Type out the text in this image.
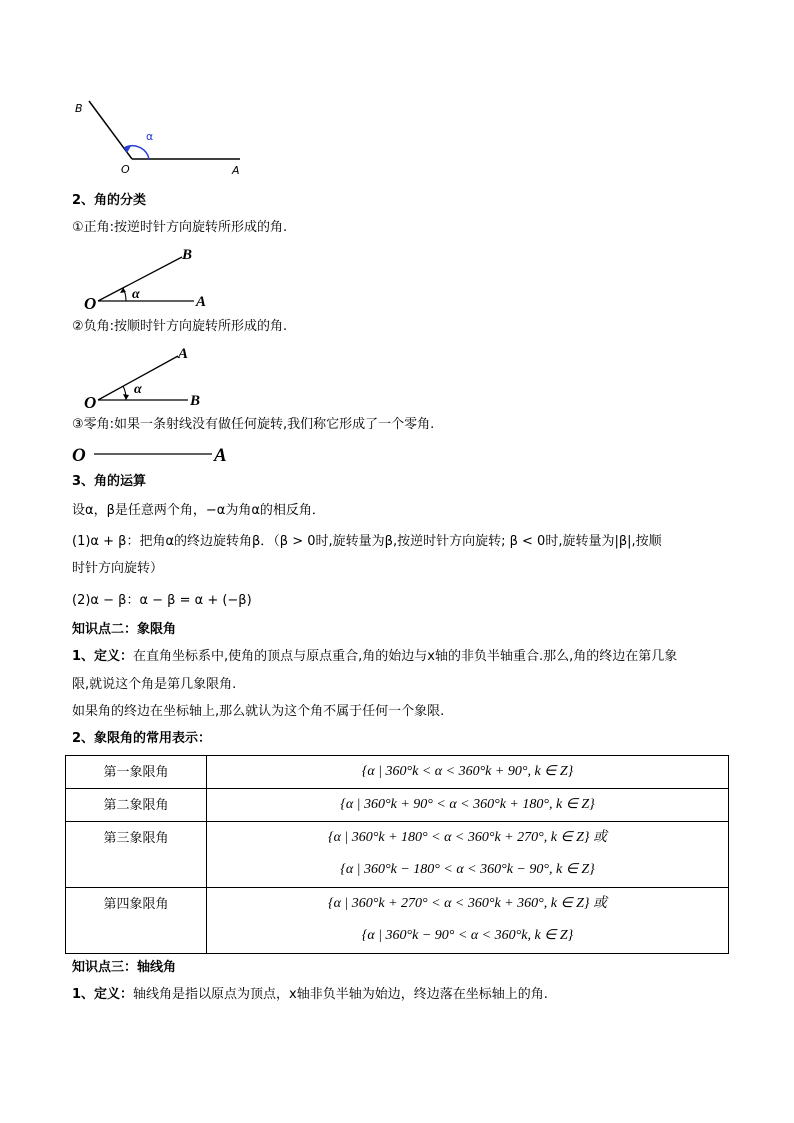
B
O	A
α
2、角的分类
①正角:按逆时针方向旋转所形成的角.
O
B
A
α
②负角:按顺时针方向旋转所形成的角.
O
A
B
α
③零角:如果一条射线没有做任何旋转,我们称它形成了一个零角.
O	A
3、角的运算
设α，β是任意两个角，−α为角α的相反角．
(1)α + β：把角α的终边旋转角β．（β > 0时,旋转量为β,按逆时针方向旋转; β < 0时,旋转量为|β|,按顺
时针方向旋转）
(2)α − β：α − β = α + (−β)
知识点二：象限角
1、定义：在直角坐标系中,使角的顶点与原点重合,角的始边与x轴的非负半轴重合.那么,角的终边在第几象
限,就说这个角是第几象限角.
如果角的终边在坐标轴上,那么就认为这个角不属于任何一个象限.
2、象限角的常用表示：
第一象限角	{α | 360°k < α < 360°k + 90°, k ∈ Z}

第二象限角	{α | 360°k + 90° < α < 360°k + 180°, k ∈ Z}

第三象限角	{α | 360°k + 180° < α < 360°k + 270°, k ∈ Z} 或
{α | 360°k − 180° < α < 360°k − 90°, k ∈ Z}

第四象限角	{α | 360°k + 270° < α < 360°k + 360°, k ∈ Z} 或
{α | 360°k − 90° < α < 360°k, k ∈ Z}
知识点三：轴线角
1、定义：轴线角是指以原点为顶点，x轴非负半轴为始边，终边落在坐标轴上的角.
